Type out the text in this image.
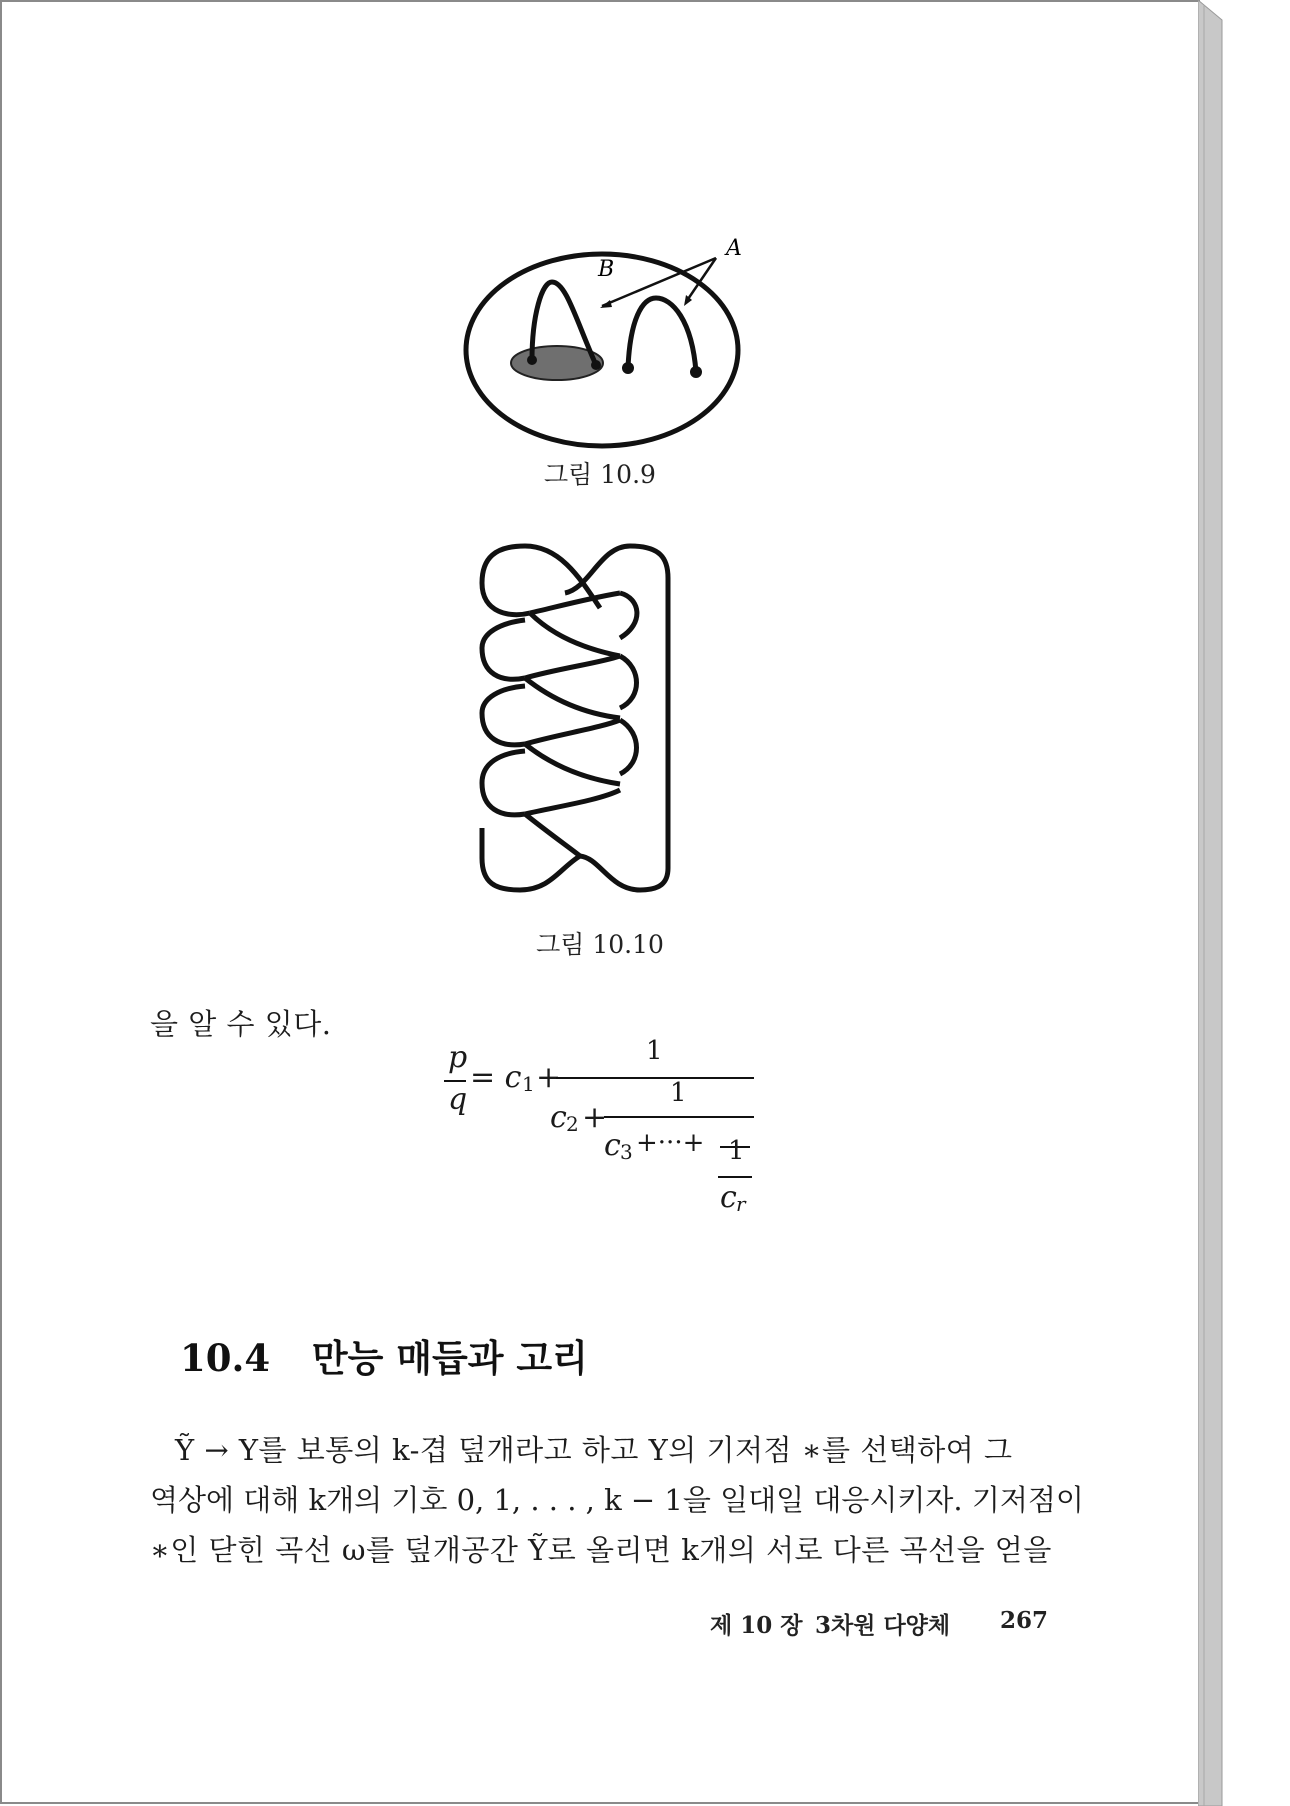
A
B
그림 10.9
그림 10.10
을 알 수 있다.
p
q
= c 1 +
1
c 2 +
1
c 3 +···+ 1
c r
10.4 만능 매듭과 고리
Ỹ → Y를 보통의 k-겹 덮개라고 하고 Y의 기저점 ∗를 선택하여 그
역상에 대해 k개의 기호 0, 1, . . . , k − 1을 일대일 대응시키자. 기저점이
∗인 닫힌 곡선 ω를 덮개공간 Ỹ로 올리면 k개의 서로 다른 곡선을 얻을
제 10 장 3차원 다양체 267
